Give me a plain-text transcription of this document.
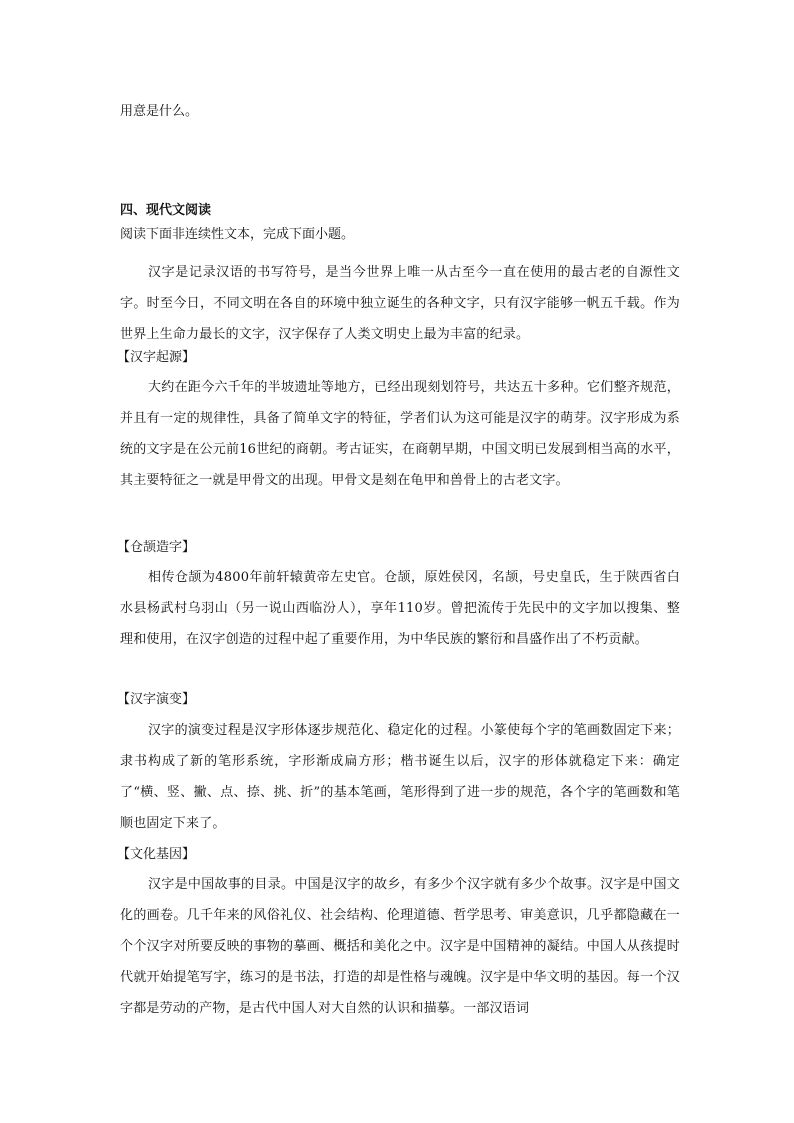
用意是什么。
四、现代文阅读
阅读下面非连续性文本，完成下面小题。
汉字是记录汉语的书写符号，是当今世界上唯一从古至今一直在使用的最古老的自源性文字。时至今日，不同文明在各自的环境中独立诞生的各种文字，只有汉字能够一帆五千载。作为世界上生命力最长的文字，汉字保存了人类文明史上最为丰富的纪录。
【汉字起源】
大约在距今六千年的半坡遗址等地方，已经出现刻划符号，共达五十多种。它们整齐规范，并且有一定的规律性，具备了简单文字的特征，学者们认为这可能是汉字的萌芽。汉字形成为系统的文字是在公元前16世纪的商朝。考古证实，在商朝早期，中国文明已发展到相当高的水平，其主要特征之一就是甲骨文的出现。甲骨文是刻在龟甲和兽骨上的古老文字。
【仓颉造字】
相传仓颉为4800年前轩辕黄帝左史官。仓颉，原姓侯冈，名颉，号史皇氏，生于陕西省白水县杨武村乌羽山（另一说山西临汾人），享年110岁。曾把流传于先民中的文字加以搜集、整理和使用，在汉字创造的过程中起了重要作用，为中华民族的繁衍和昌盛作出了不朽贡献。
【汉字演变】
汉字的演变过程是汉字形体逐步规范化、稳定化的过程。小篆使每个字的笔画数固定下来；隶书构成了新的笔形系统，字形渐成扁方形；楷书诞生以后，汉字的形体就稳定下来：确定了“横、竖、撇、点、捺、挑、折”的基本笔画，笔形得到了进一步的规范，各个字的笔画数和笔顺也固定下来了。
【文化基因】
汉字是中国故事的目录。中国是汉字的故乡，有多少个汉字就有多少个故事。汉字是中国文化的画卷。几千年来的风俗礼仪、社会结构、伦理道德、哲学思考、审美意识，几乎都隐藏在一个个汉字对所要反映的事物的摹画、概括和美化之中。汉字是中国精神的凝结。中国人从孩提时代就开始提笔写字，练习的是书法，打造的却是性格与魂魄。汉字是中华文明的基因。每一个汉字都是劳动的产物，是古代中国人对大自然的认识和描摹。一部汉语词
